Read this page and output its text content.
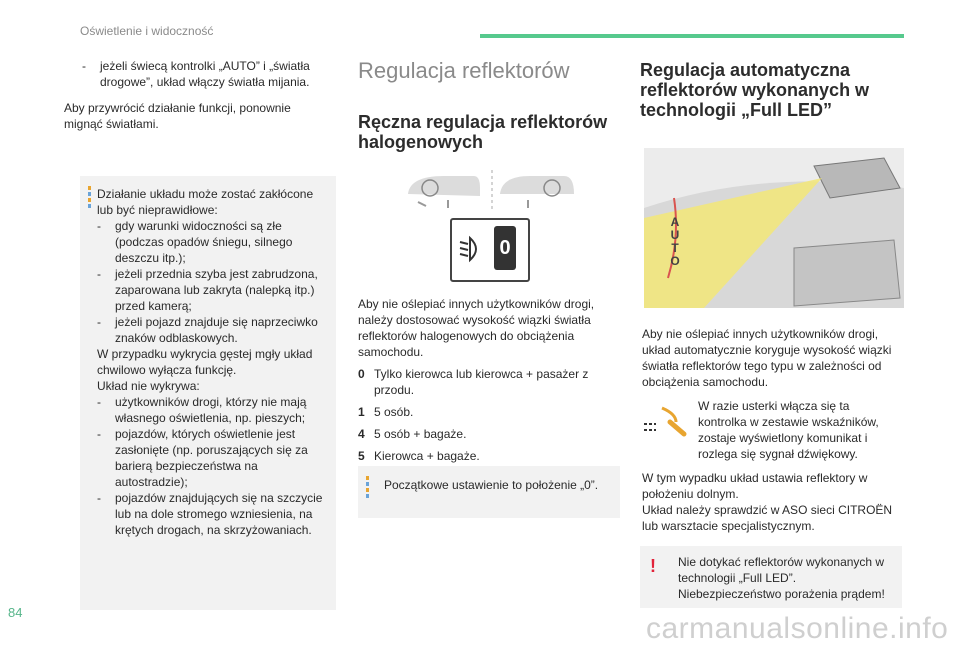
Oświetlenie i widoczność
-	jeżeli świecą kontrolki „AUTO” i „światła drogowe”, układ włączy światła mijania.

Aby przywrócić działanie funkcji, ponownie mignąć światłami.

Działanie układu może zostać zakłócone lub być nieprawidłowe:

-	gdy warunki widoczności są złe (podczas opadów śniegu, silnego deszczu itp.);
-	jeżeli przednia szyba jest zabrudzona, zaparowana lub zakryta (nalepką itp.) przed kamerą;
-	jeżeli pojazd znajduje się naprzeciwko znaków odblaskowych.

W przypadku wykrycia gęstej mgły układ chwilowo wyłącza funkcję.

Układ nie wykrywa:

-	użytkowników drogi, którzy nie mają własnego oświetlenia, np. pieszych;
-	pojazdów, których oświetlenie jest zasłonięte (np. poruszających się za barierą bezpieczeństwa na autostradzie);
-	pojazdów znajdujących się na szczycie lub na dole stromego wzniesienia, na krętych drogach, na skrzyżowaniach.
Regulacja reflektorów
Ręczna regulacja reflektorów halogenowych
0

Aby nie oślepiać innych użytkowników drogi, należy dostosować wysokość wiązki światła reflektorów halogenowych do obciążenia samochodu.

0 Tylko kierowca lub kierowca + pasażer z przodu.
1 5 osób.
4 5 osób + bagaże.
5 Kierowca + bagaże.

Początkowe ustawienie to położenie „0”.

Regulacja automatyczna reflektorów wykonanych w technologii „Full LED”
A
U
T
O

Aby nie oślepiać innych użytkowników drogi, układ automatycznie koryguje wysokość wiązki światła reflektorów tego typu w zależności od obciążenia samochodu.

W razie usterki włącza się ta kontrolka w zestawie wskaźników, zostaje wyświetlony komunikat i rozlega się sygnał dźwiękowy.

W tym wypadku układ ustawia reflektory w położeniu dolnym.

Układ należy sprawdzić w ASO sieci CITROËN lub warsztacie specjalistycznym.

! Nie dotykać reflektorów wykonanych w technologii „Full LED”. Niebezpieczeństwo porażenia prądem!

84	carmanualsonline.info
